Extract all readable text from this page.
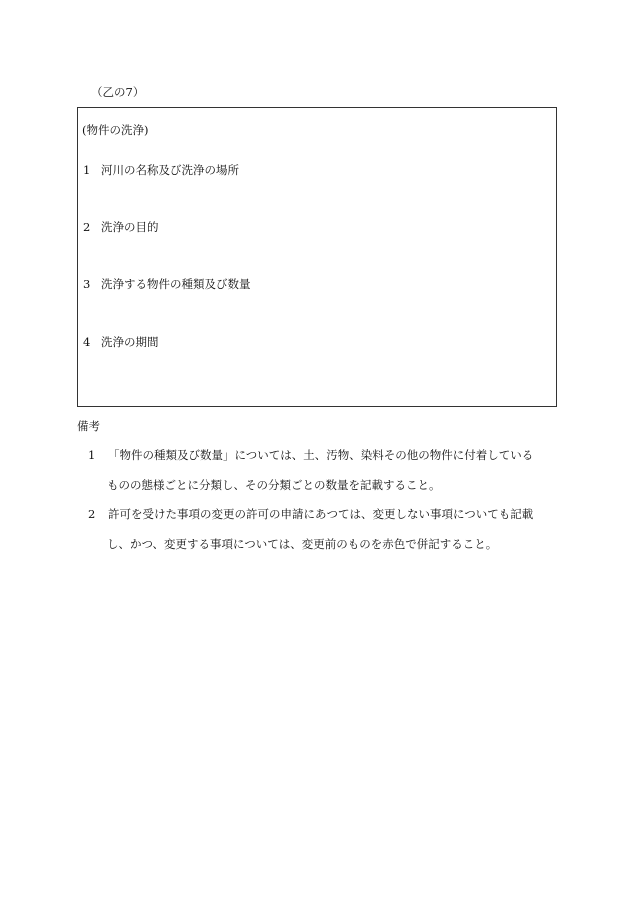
（乙の7）
(物件の洗浄)
1 河川の名称及び洗浄の場所
2 洗浄の目的
3 洗浄する物件の種類及び数量
4 洗浄の期間
備考
1 「物件の種類及び数量」については、土、汚物、染料その他の物件に付着している
ものの態様ごとに分類し、その分類ごとの数量を記載すること。
2 許可を受けた事項の変更の許可の申請にあつては、変更しない事項についても記載
し、かつ、変更する事項については、変更前のものを赤色で併記すること。
